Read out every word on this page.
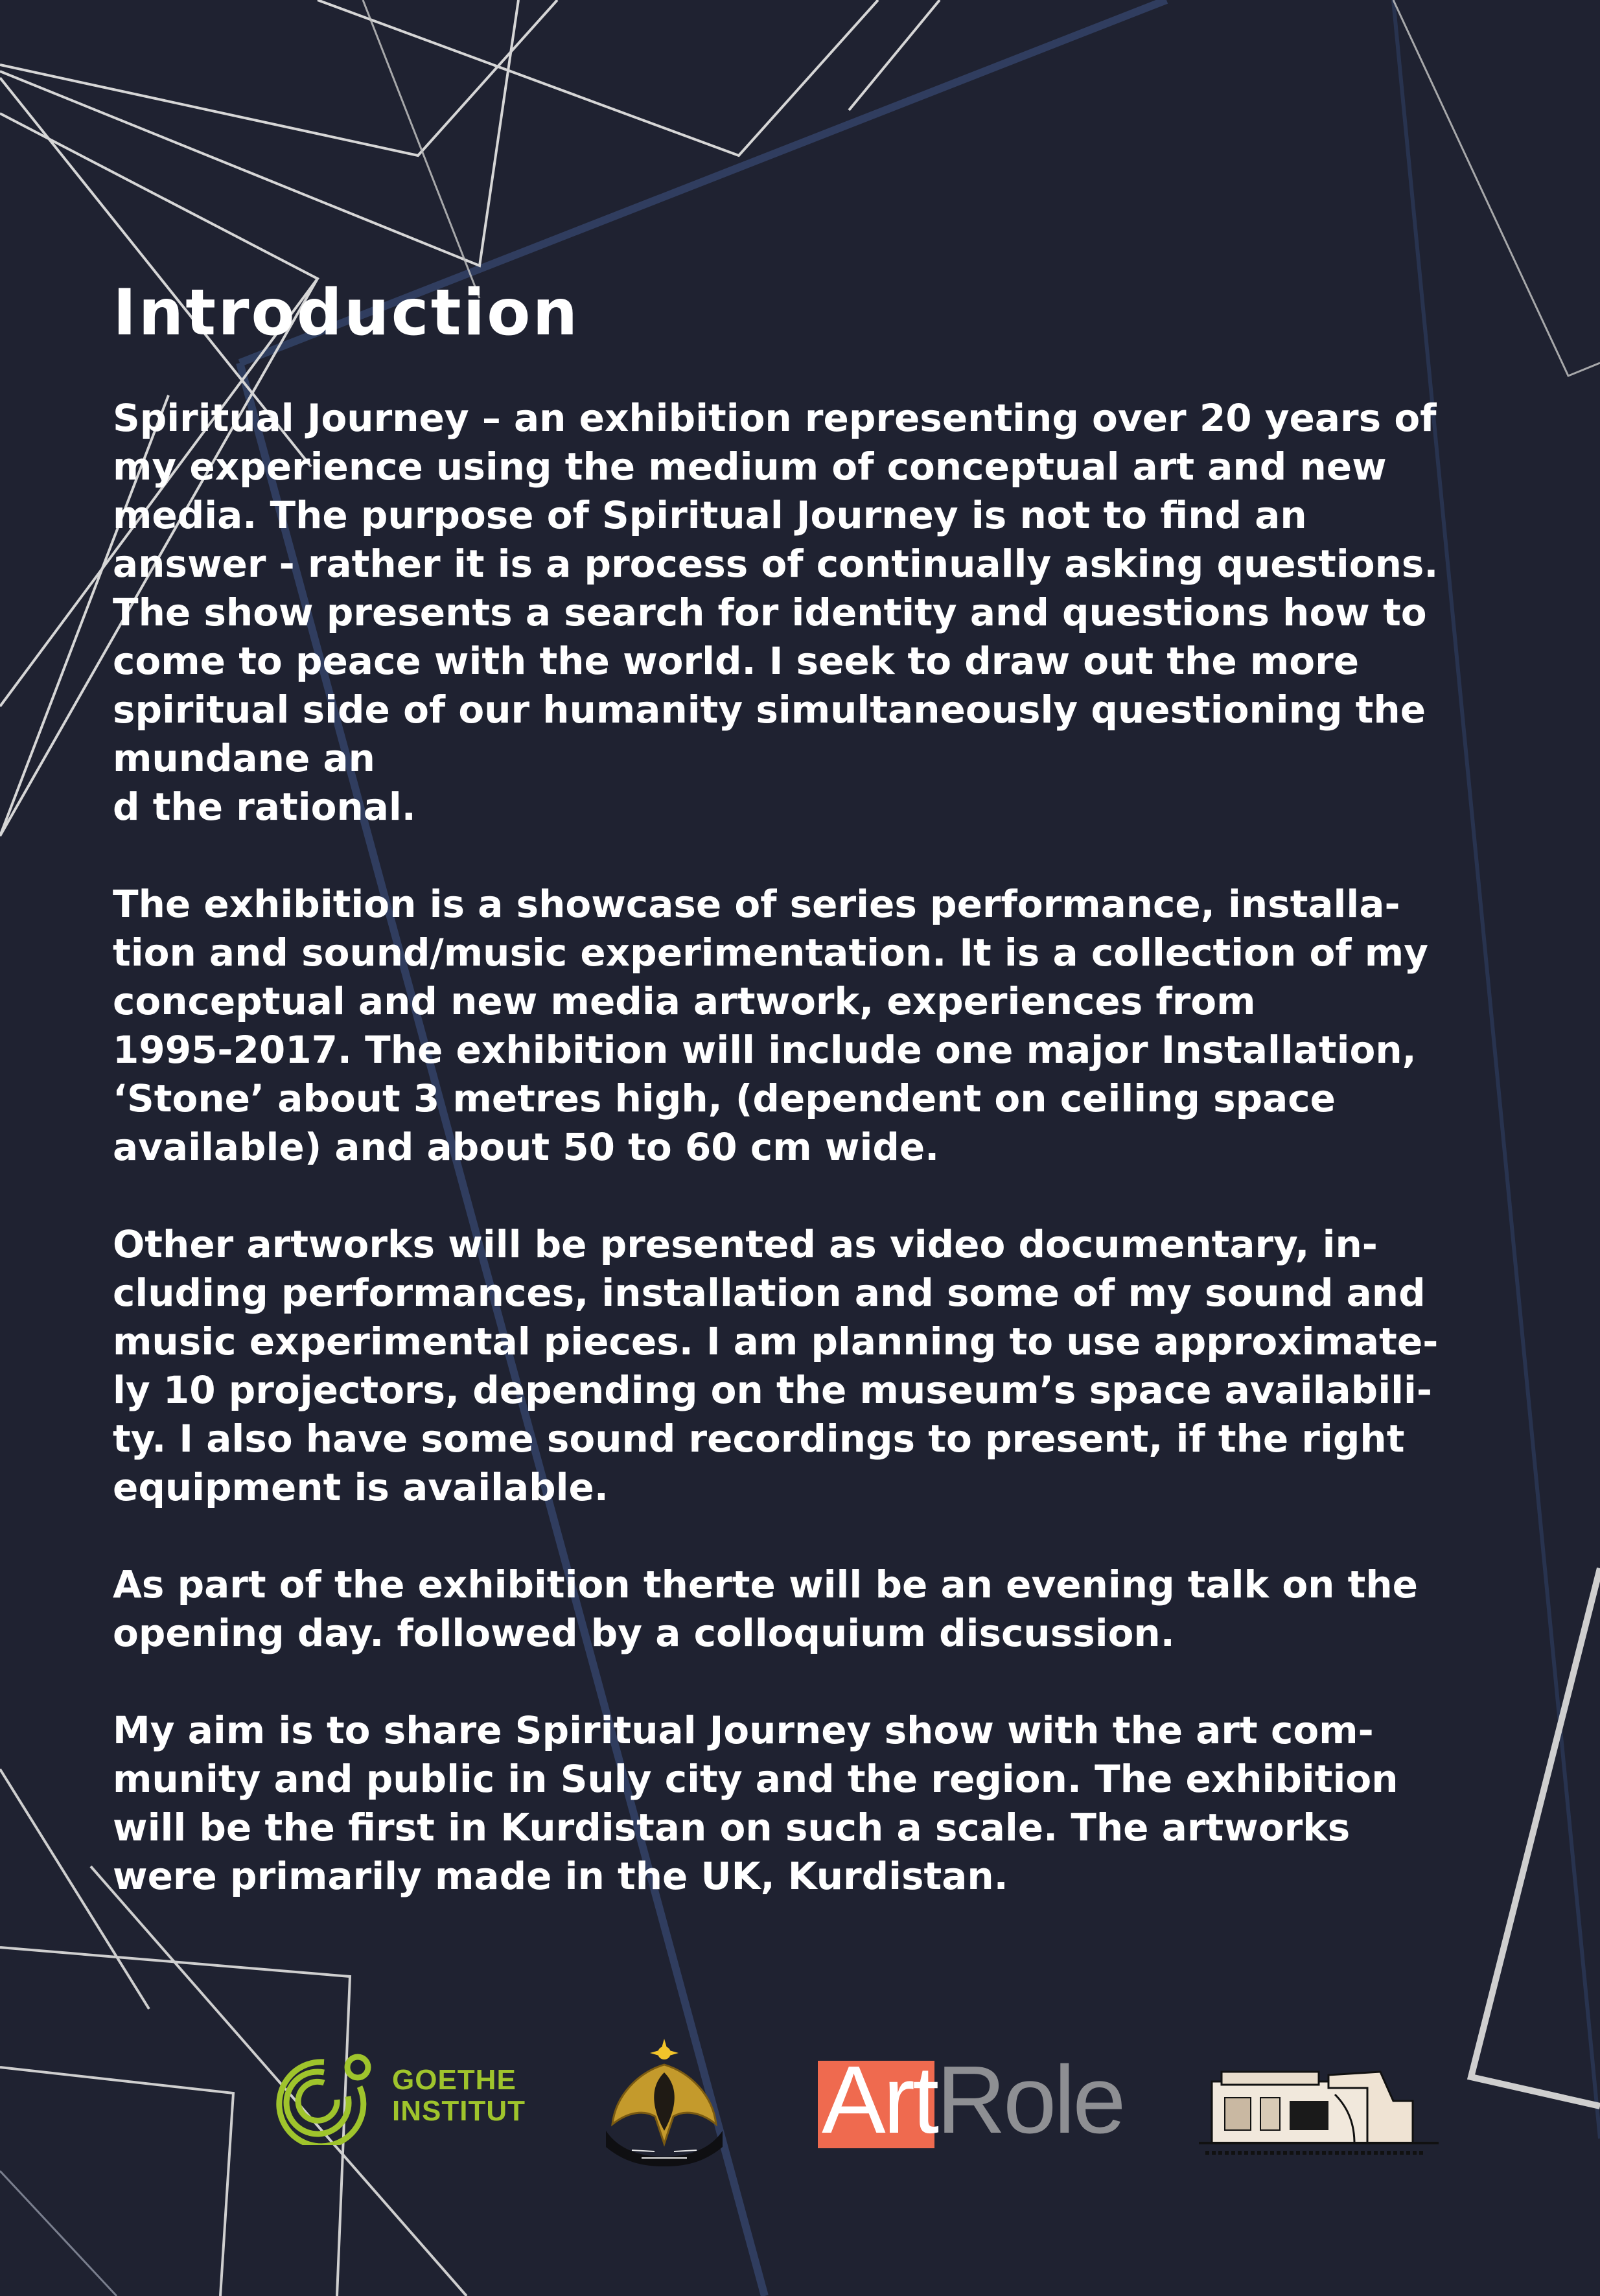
Introduction
Spiritual Journey – an exhibition representing over 20 years of
my experience using the medium of conceptual art and new
media. The purpose of Spiritual Journey is not to find an
answer - rather it is a process of continually asking questions.
The show presents a search for identity and questions how to
come to peace with the world. I seek to draw out the more
spiritual side of our humanity simultaneously questioning the
mundane an
d the rational.
The exhibition is a showcase of series performance, installa-
tion and sound/music experimentation. It is a collection of my
conceptual and new media artwork, experiences from
1995-2017. The exhibition will include one major Installation,
‘Stone’ about 3 metres high, (dependent on ceiling space
available) and about 50 to 60 cm wide.
Other artworks will be presented as video documentary, in-
cluding performances, installation and some of my sound and
music experimental pieces. I am planning to use approximate-
ly 10 projectors, depending on the museum’s space availabili-
ty. I also have some sound recordings to present, if the right
equipment is available.
As part of the exhibition therte will be an evening talk on the
opening day. followed by a colloquium discussion.
My aim is to share Spiritual Journey show with the art com-
munity and public in Suly city and the region. The exhibition
will be the first in Kurdistan on such a scale. The artworks
were primarily made in the UK, Kurdistan.
GOETHE
INSTITUT	ArtRole
